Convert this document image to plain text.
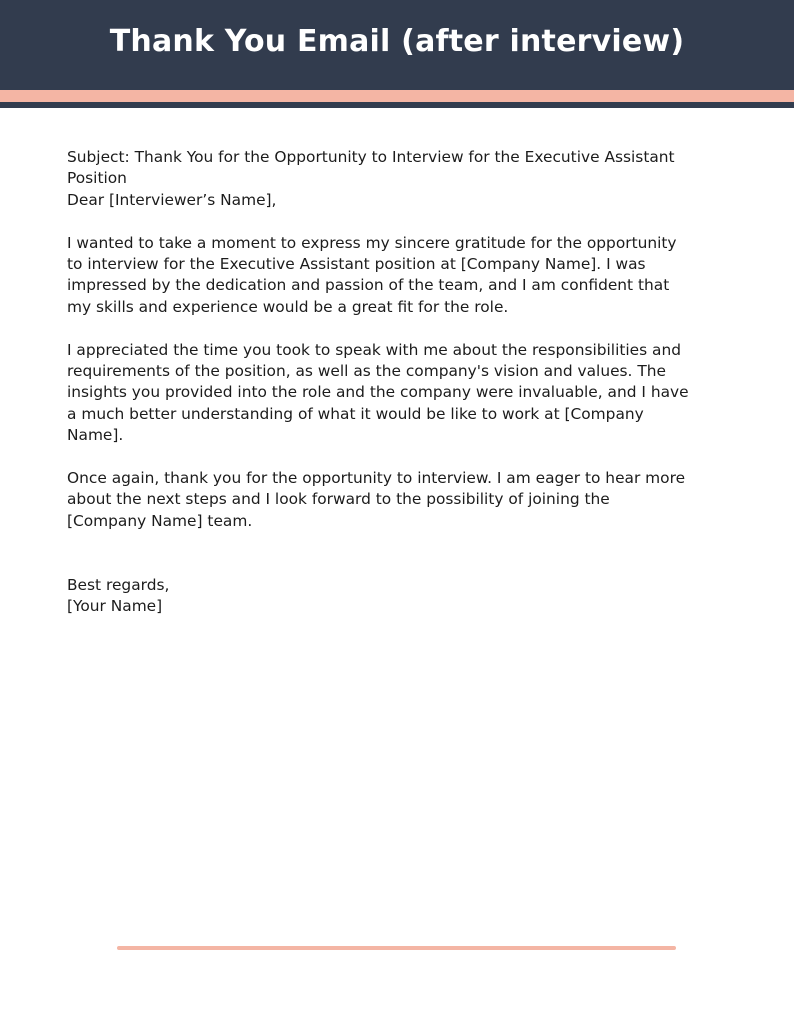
Thank You Email (after interview)

Subject: Thank You for the Opportunity to Interview for the Executive Assistant Position

Dear [Interviewer’s Name],

I wanted to take a moment to express my sincere gratitude for the opportunity to interview for the Executive Assistant position at [Company Name]. I was impressed by the dedication and passion of the team, and I am confident that my skills and experience would be a great fit for the role.

I appreciated the time you took to speak with me about the responsibilities and requirements of the position, as well as the company's vision and values. The insights you provided into the role and the company were invaluable, and I have a much better understanding of what it would be like to work at [Company Name].

Once again, thank you for the opportunity to interview. I am eager to hear more about the next steps and I look forward to the possibility of joining the [Company Name] team.

Best regards,

[Your Name]
